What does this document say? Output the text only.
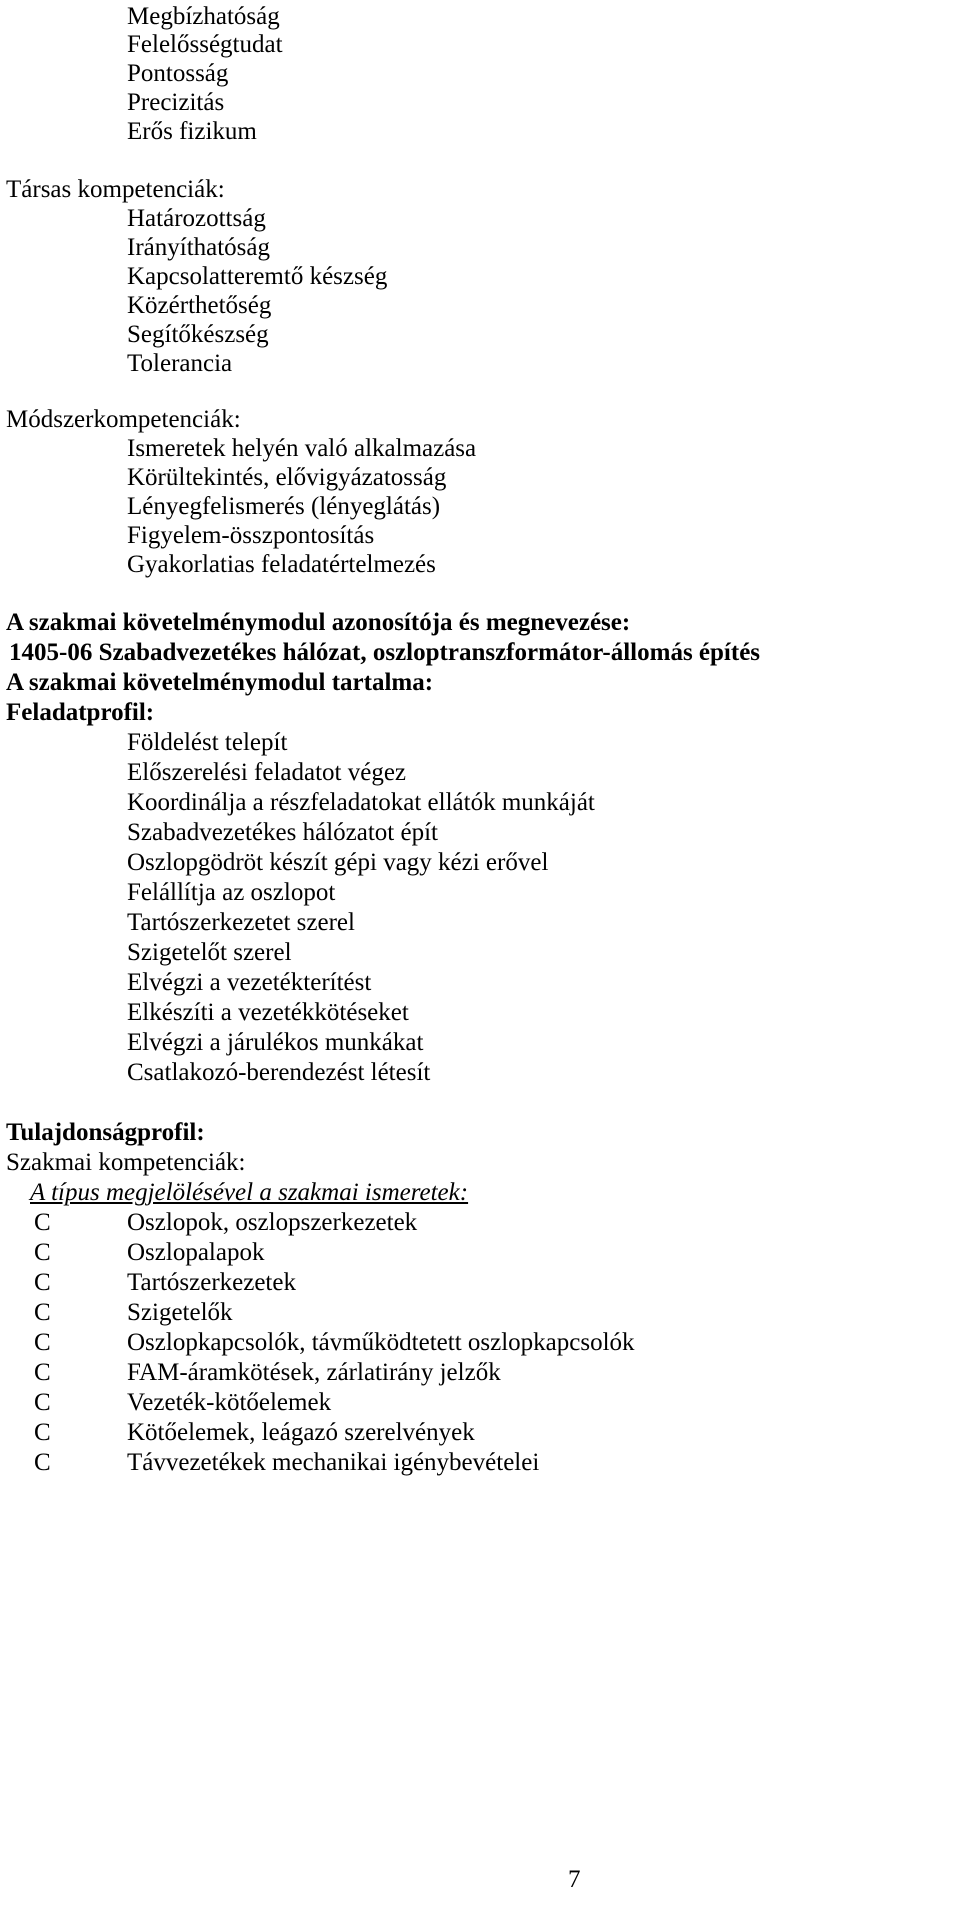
Megbízhatóság
Felelősségtudat
Pontosság
Precizitás
Erős fizikum
Társas kompetenciák:
Határozottság
Irányíthatóság
Kapcsolatteremtő készség
Közérthetőség
Segítőkészség
Tolerancia
Módszerkompetenciák:
Ismeretek helyén való alkalmazása
Körültekintés, elővigyázatosság
Lényegfelismerés (lényeglátás)
Figyelem-összpontosítás
Gyakorlatias feladatértelmezés
A szakmai követelménymodul azonosítója és megnevezése:
1405-06 Szabadvezetékes hálózat, oszloptranszformátor-állomás építés
A szakmai követelménymodul tartalma:
Feladatprofil:
Földelést telepít
Előszerelési feladatot végez
Koordinálja a részfeladatokat ellátók munkáját
Szabadvezetékes hálózatot épít
Oszlopgödröt készít gépi vagy kézi erővel
Felállítja az oszlopot
Tartószerkezetet szerel
Szigetelőt szerel
Elvégzi a vezetékterítést
Elkészíti a vezetékkötéseket
Elvégzi a járulékos munkákat
Csatlakozó-berendezést létesít
Tulajdonságprofil:
Szakmai kompetenciák:
A típus megjelölésével a szakmai ismeretek:
C	Oszlopok, oszlopszerkezetek
C	Oszlopalapok
C	Tartószerkezetek
C	Szigetelők
C	Oszlopkapcsolók, távműködtetett oszlopkapcsolók
C	FAM-áramkötések, zárlatirány jelzők
C	Vezeték-kötőelemek
C	Kötőelemek, leágazó szerelvények
C	Távvezetékek mechanikai igénybevételei
7
